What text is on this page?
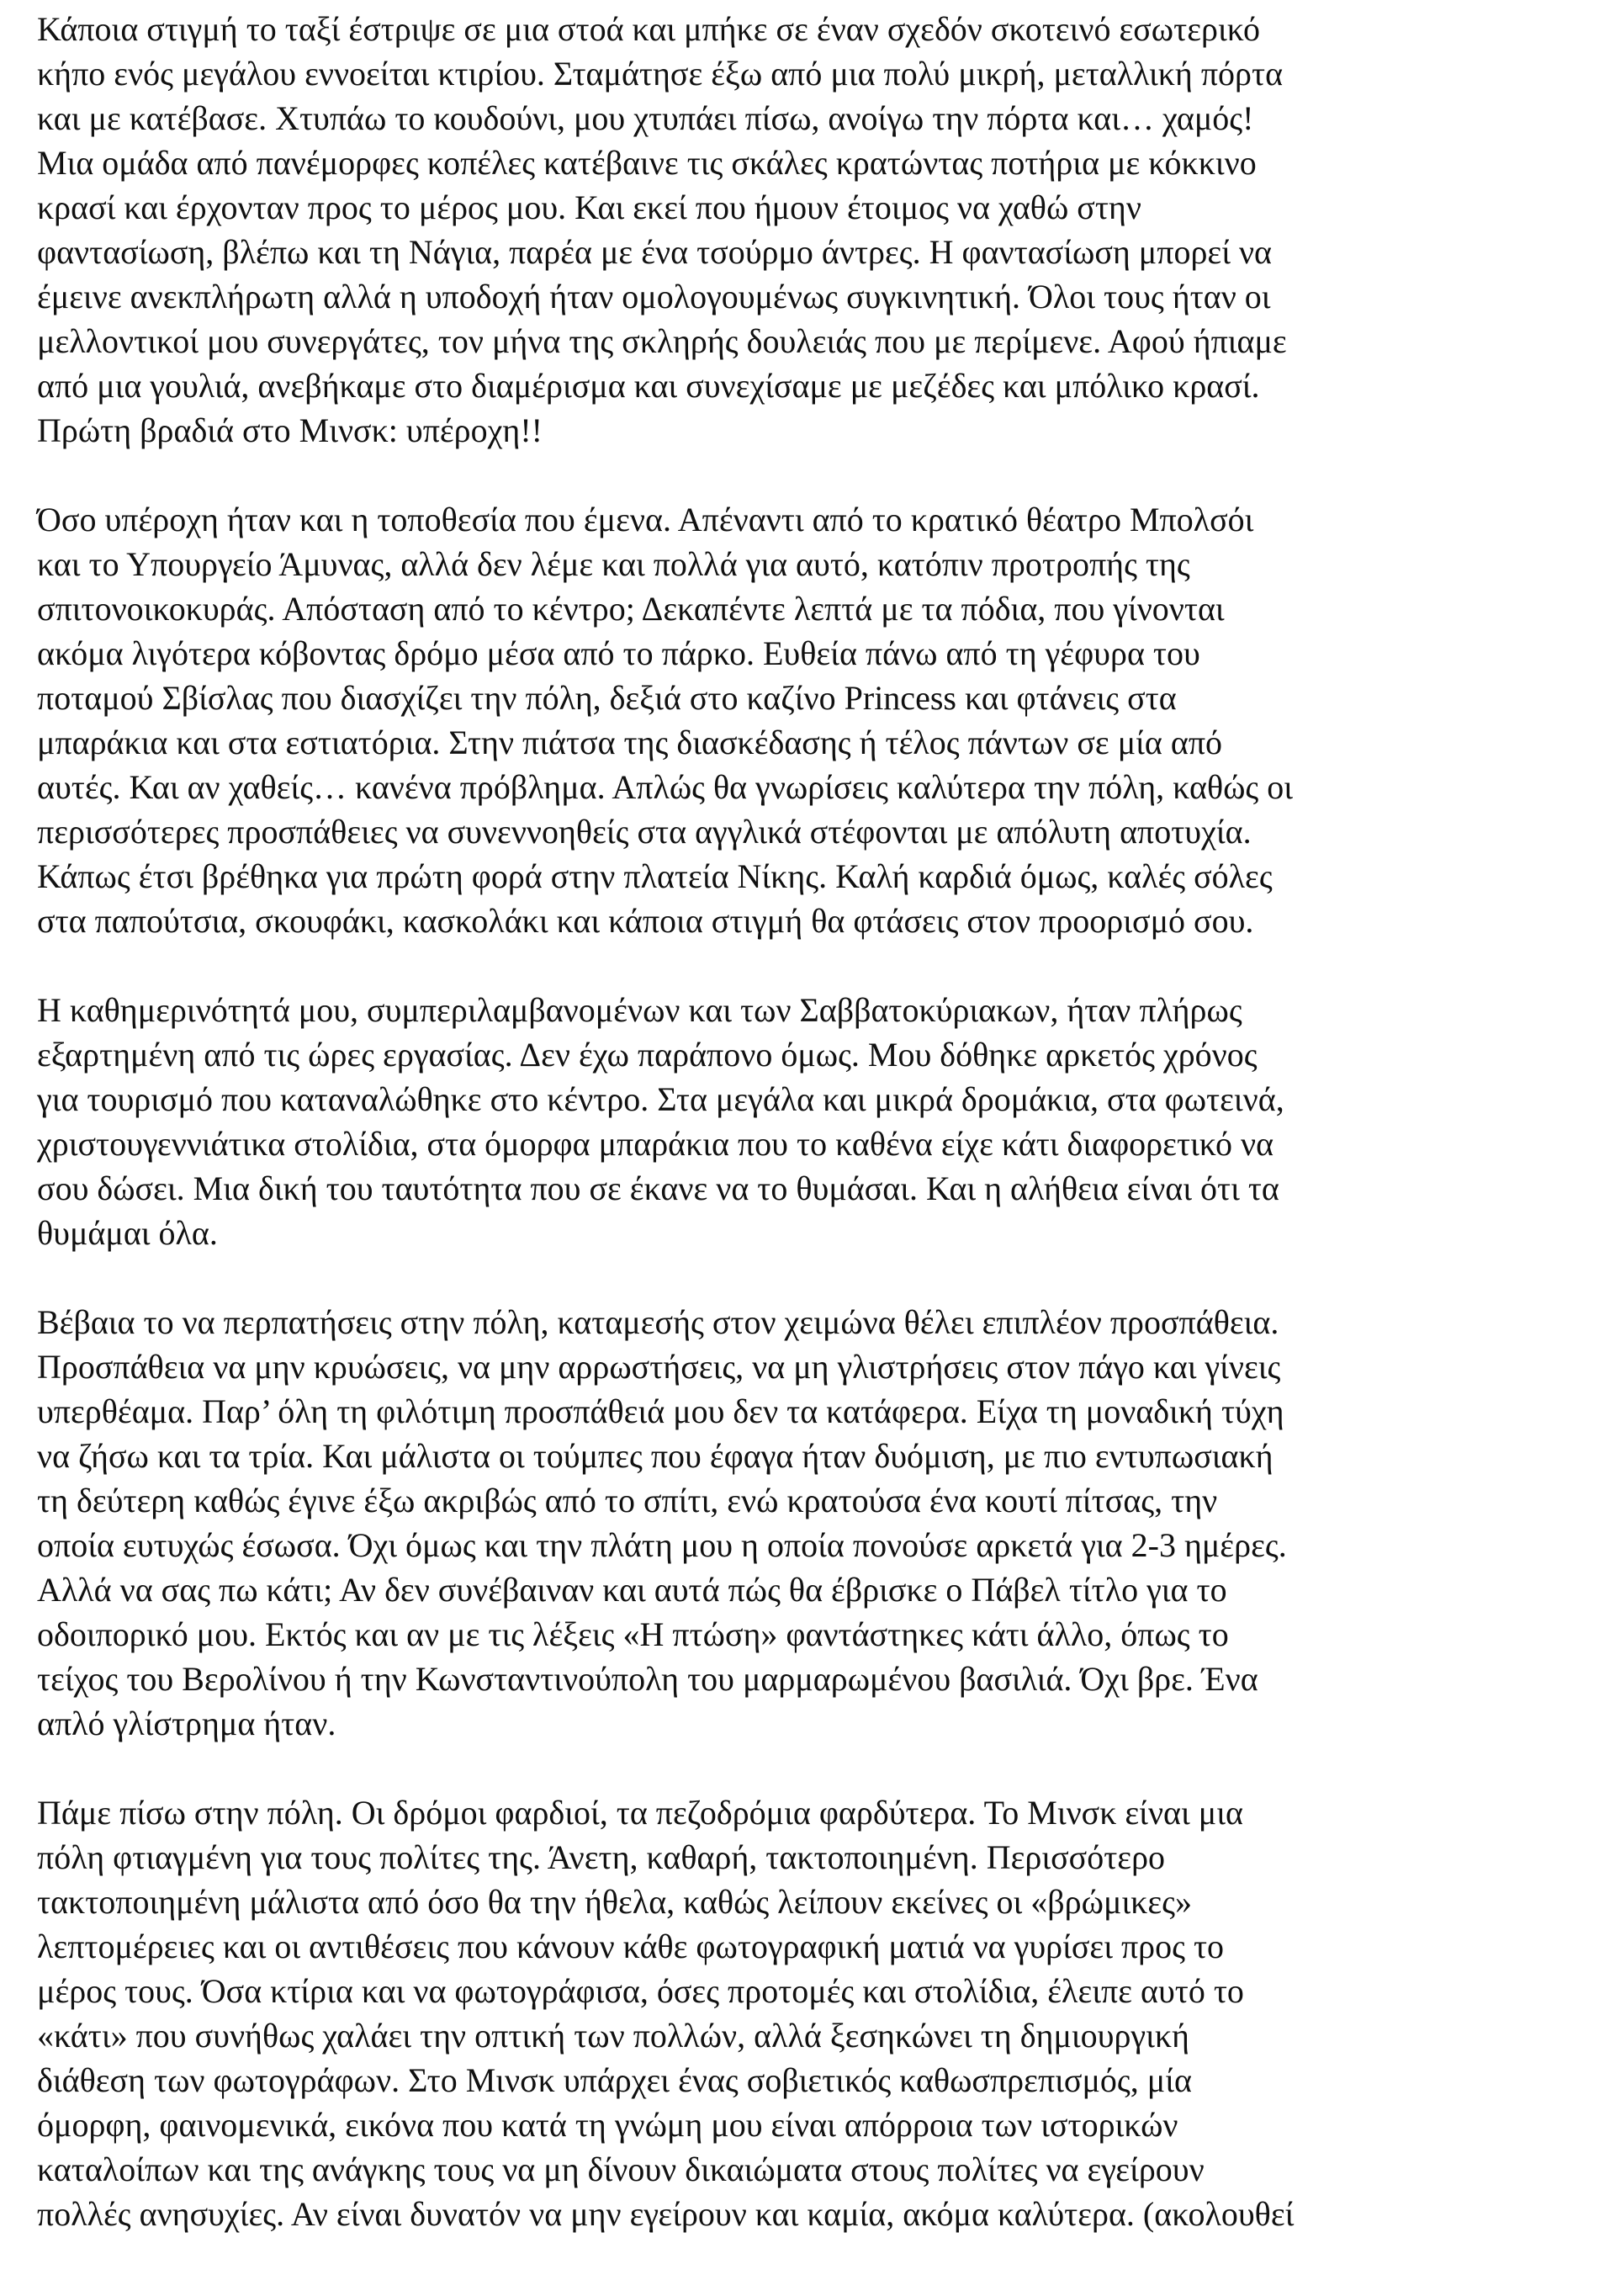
Κάποια στιγμή το ταξί έστριψε σε μια στοά και μπήκε σε έναν σχεδόν σκοτεινό εσωτερικό
κήπο ενός μεγάλου εννοείται κτιρίου. Σταμάτησε έξω από μια πολύ μικρή, μεταλλική πόρτα
και με κατέβασε. Χτυπάω το κουδούνι, μου χτυπάει πίσω, ανοίγω την πόρτα και… χαμός!
Μια ομάδα από πανέμορφες κοπέλες κατέβαινε τις σκάλες κρατώντας ποτήρια με κόκκινο
κρασί και έρχονταν προς το μέρος μου. Και εκεί που ήμουν έτοιμος να χαθώ στην
φαντασίωση, βλέπω και τη Νάγια, παρέα με ένα τσούρμο άντρες. Η φαντασίωση μπορεί να
έμεινε ανεκπλήρωτη αλλά η υποδοχή ήταν ομολογουμένως συγκινητική. Όλοι τους ήταν οι
μελλοντικοί μου συνεργάτες, τον μήνα της σκληρής δουλειάς που με περίμενε. Αφού ήπιαμε
από μια γουλιά, ανεβήκαμε στο διαμέρισμα και συνεχίσαμε με μεζέδες και μπόλικο κρασί.
Πρώτη βραδιά στο Μινσκ: υπέροχη!!
Όσο υπέροχη ήταν και η τοποθεσία που έμενα. Απέναντι από το κρατικό θέατρο Μπολσόι
και το Υπουργείο Άμυνας, αλλά δεν λέμε και πολλά για αυτό, κατόπιν προτροπής της
σπιτονοικοκυράς. Απόσταση από το κέντρο; Δεκαπέντε λεπτά με τα πόδια, που γίνονται
ακόμα λιγότερα κόβοντας δρόμο μέσα από το πάρκο. Ευθεία πάνω από τη γέφυρα του
ποταμού Σβίσλας που διασχίζει την πόλη, δεξιά στο καζίνο Princess και φτάνεις στα
μπαράκια και στα εστιατόρια. Στην πιάτσα της διασκέδασης ή τέλος πάντων σε μία από
αυτές. Και αν χαθείς… κανένα πρόβλημα. Απλώς θα γνωρίσεις καλύτερα την πόλη, καθώς οι
περισσότερες προσπάθειες να συνεννοηθείς στα αγγλικά στέφονται με απόλυτη αποτυχία.
Κάπως έτσι βρέθηκα για πρώτη φορά στην πλατεία Νίκης. Καλή καρδιά όμως, καλές σόλες
στα παπούτσια, σκουφάκι, κασκολάκι και κάποια στιγμή θα φτάσεις στον προορισμό σου.
Η καθημερινότητά μου, συμπεριλαμβανομένων και των Σαββατοκύριακων, ήταν πλήρως
εξαρτημένη από τις ώρες εργασίας. Δεν έχω παράπονο όμως. Μου δόθηκε αρκετός χρόνος
για τουρισμό που καταναλώθηκε στο κέντρο. Στα μεγάλα και μικρά δρομάκια, στα φωτεινά,
χριστουγεννιάτικα στολίδια, στα όμορφα μπαράκια που το καθένα είχε κάτι διαφορετικό να
σου δώσει. Μια δική του ταυτότητα που σε έκανε να το θυμάσαι. Και η αλήθεια είναι ότι τα
θυμάμαι όλα.
Βέβαια το να περπατήσεις στην πόλη, καταμεσής στον χειμώνα θέλει επιπλέον προσπάθεια.
Προσπάθεια να μην κρυώσεις, να μην αρρωστήσεις, να μη γλιστρήσεις στον πάγο και γίνεις
υπερθέαμα. Παρ’ όλη τη φιλότιμη προσπάθειά μου δεν τα κατάφερα. Είχα τη μοναδική τύχη
να ζήσω και τα τρία. Και μάλιστα οι τούμπες που έφαγα ήταν δυόμιση, με πιο εντυπωσιακή
τη δεύτερη καθώς έγινε έξω ακριβώς από το σπίτι, ενώ κρατούσα ένα κουτί πίτσας, την
οποία ευτυχώς έσωσα. Όχι όμως και την πλάτη μου η οποία πονούσε αρκετά για 2-3 ημέρες.
Αλλά να σας πω κάτι; Αν δεν συνέβαιναν και αυτά πώς θα έβρισκε ο Πάβελ τίτλο για το
οδοιπορικό μου. Εκτός και αν με τις λέξεις «Η πτώση» φαντάστηκες κάτι άλλο, όπως το
τείχος του Βερολίνου ή την Κωνσταντινούπολη του μαρμαρωμένου βασιλιά. Όχι βρε. Ένα
απλό γλίστρημα ήταν.
Πάμε πίσω στην πόλη. Οι δρόμοι φαρδιοί, τα πεζοδρόμια φαρδύτερα. Το Μινσκ είναι μια
πόλη φτιαγμένη για τους πολίτες της. Άνετη, καθαρή, τακτοποιημένη. Περισσότερο
τακτοποιημένη μάλιστα από όσο θα την ήθελα, καθώς λείπουν εκείνες οι «βρώμικες»
λεπτομέρειες και οι αντιθέσεις που κάνουν κάθε φωτογραφική ματιά να γυρίσει προς το
μέρος τους. Όσα κτίρια και να φωτογράφισα, όσες προτομές και στολίδια, έλειπε αυτό το
«κάτι» που συνήθως χαλάει την οπτική των πολλών, αλλά ξεσηκώνει τη δημιουργική
διάθεση των φωτογράφων. Στο Μινσκ υπάρχει ένας σοβιετικός καθωσπρεπισμός, μία
όμορφη, φαινομενικά, εικόνα που κατά τη γνώμη μου είναι απόρροια των ιστορικών
καταλοίπων και της ανάγκης τους να μη δίνουν δικαιώματα στους πολίτες να εγείρουν
πολλές ανησυχίες. Αν είναι δυνατόν να μην εγείρουν και καμία, ακόμα καλύτερα. (ακολουθεί
